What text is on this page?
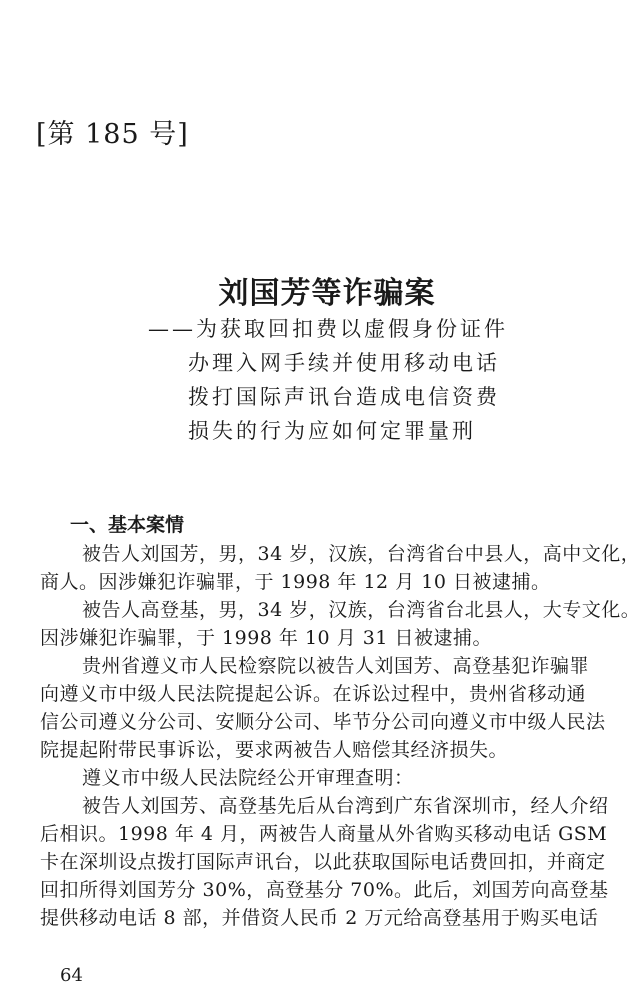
[第 185 号]
刘国芳等诈骗案
——为获取回扣费以虚假身份证件
办理入网手续并使用移动电话
拨打国际声讯台造成电信资费
损失的行为应如何定罪量刑
一、基本案情
被告人刘国芳，男，34 岁，汉族，台湾省台中县人，高中文化，
商人。因涉嫌犯诈骗罪，于 1998 年 12 月 10 日被逮捕。
被告人高登基，男，34 岁，汉族，台湾省台北县人，大专文化。
因涉嫌犯诈骗罪，于 1998 年 10 月 31 日被逮捕。
贵州省遵义市人民检察院以被告人刘国芳、高登基犯诈骗罪
向遵义市中级人民法院提起公诉。在诉讼过程中，贵州省移动通
信公司遵义分公司、安顺分公司、毕节分公司向遵义市中级人民法
院提起附带民事诉讼，要求两被告人赔偿其经济损失。
遵义市中级人民法院经公开审理查明：
被告人刘国芳、高登基先后从台湾到广东省深圳市，经人介绍
后相识。1998 年 4 月，两被告人商量从外省购买移动电话 GSM
卡在深圳设点拨打国际声讯台，以此获取国际电话费回扣，并商定
回扣所得刘国芳分 30%，高登基分 70%。此后，刘国芳向高登基
提供移动电话 8 部，并借资人民币 2 万元给高登基用于购买电话
64
